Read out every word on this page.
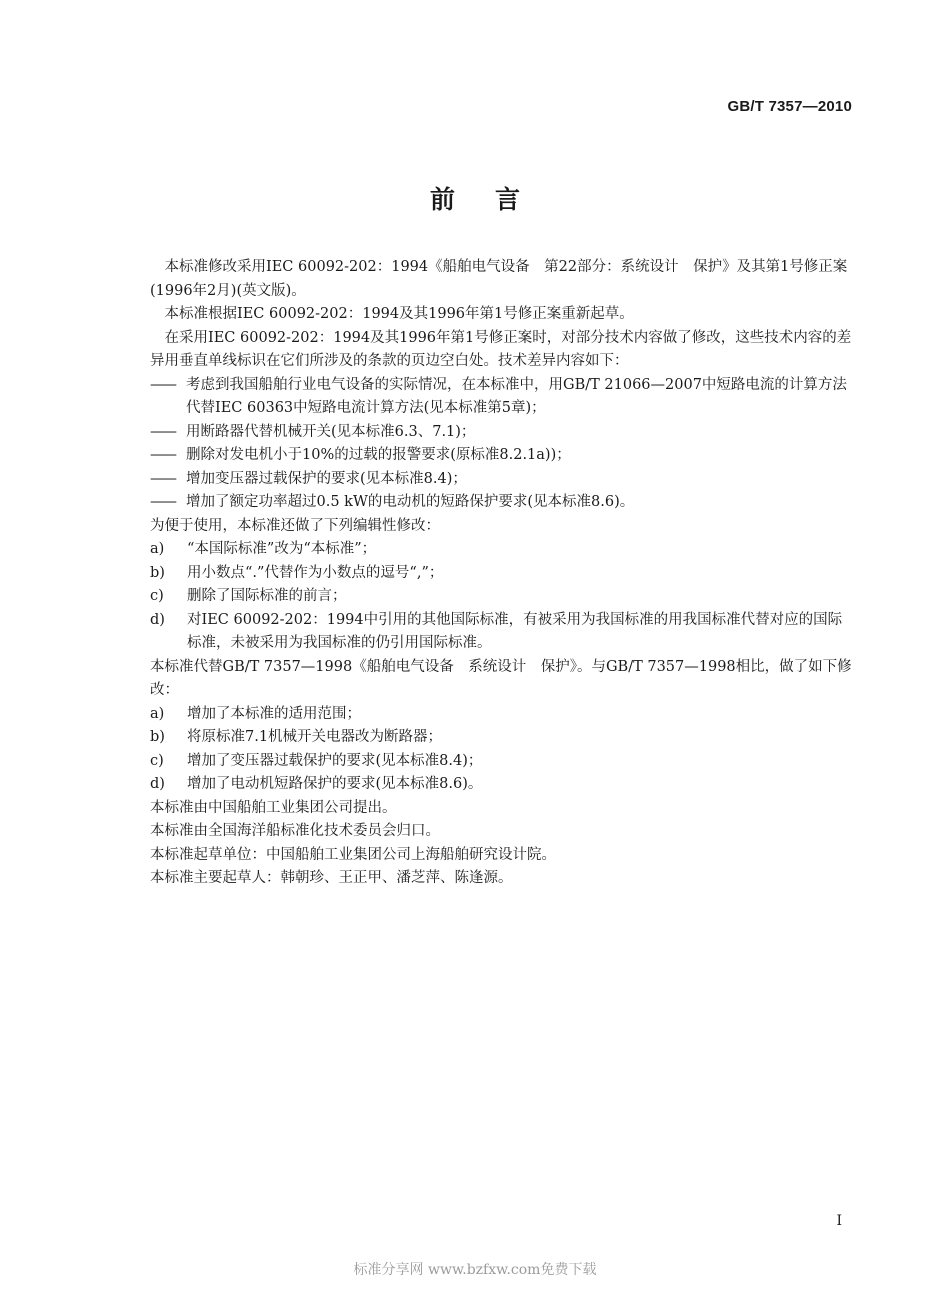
GB/T 7357—2010
前言

本标准修改采用IEC 60092-202：1994《船舶电气设备　第22部分：系统设计　保护》及其第1号修正案(1996年2月)(英文版)。

本标准根据IEC 60092-202：1994及其1996年第1号修正案重新起草。

在采用IEC 60092-202：1994及其1996年第1号修正案时，对部分技术内容做了修改，这些技术内容的差异用垂直单线标识在它们所涉及的条款的页边空白处。技术差异内容如下：

—— 考虑到我国船舶行业电气设备的实际情况，在本标准中，用GB/T 21066—2007中短路电流的计算方法代替IEC 60363中短路电流计算方法(见本标准第5章)；
—— 用断路器代替机械开关(见本标准6.3、7.1)；
—— 删除对发电机小于10%的过载的报警要求(原标准8.2.1a))；
—— 增加变压器过载保护的要求(见本标准8.4)；
—— 增加了额定功率超过0.5 kW的电动机的短路保护要求(见本标准8.6)。

为便于使用，本标准还做了下列编辑性修改：

a)	“本国际标准”改为“本标准”；
b)	用小数点“.”代替作为小数点的逗号“,”；
c)	删除了国际标准的前言；
d)	对IEC 60092-202：1994中引用的其他国际标准，有被采用为我国标准的用我国标准代替对应的国际标准，未被采用为我国标准的仍引用国际标准。

本标准代替GB/T 7357—1998《船舶电气设备　系统设计　保护》。与GB/T 7357—1998相比，做了如下修改：

a)	增加了本标准的适用范围；
b)	将原标准7.1机械开关电器改为断路器；
c)	增加了变压器过载保护的要求(见本标准8.4)；
d)	增加了电动机短路保护的要求(见本标准8.6)。

本标准由中国船舶工业集团公司提出。

本标准由全国海洋船标准化技术委员会归口。

本标准起草单位：中国船舶工业集团公司上海船舶研究设计院。

本标准主要起草人：韩朝珍、王正甲、潘芝萍、陈逢源。

I
标准分享网 www.bzfxw.com免费下载
